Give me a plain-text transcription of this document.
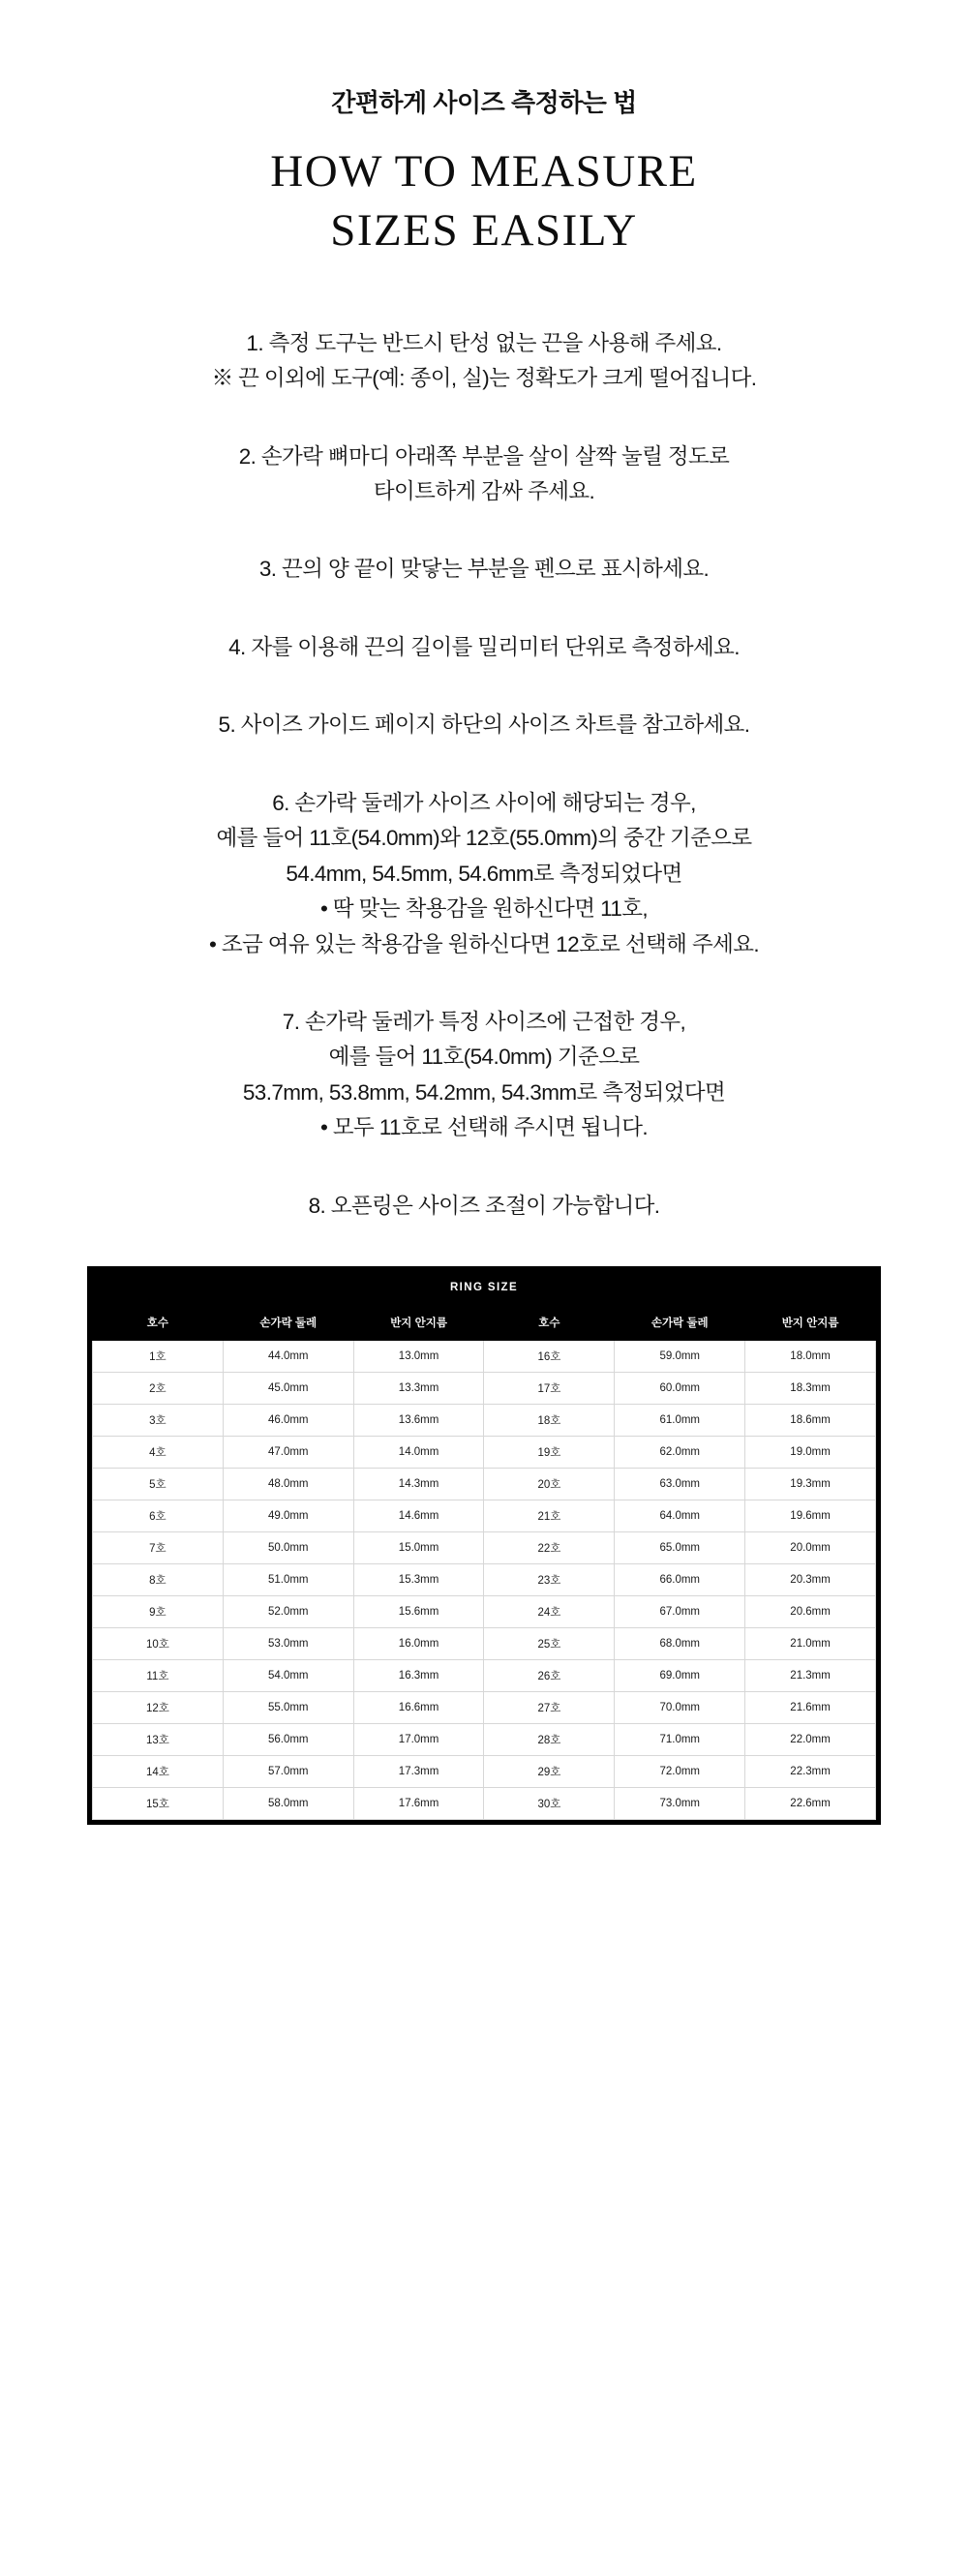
간편하게 사이즈 측정하는 법
HOW TO MEASURE
SIZES EASILY

1. 측정 도구는 반드시 탄성 없는 끈을 사용해 주세요.
※ 끈 이외에 도구(예: 종이, 실)는 정확도가 크게 떨어집니다.

2. 손가락 뼈마디 아래쪽 부분을 살이 살짝 눌릴 정도로
타이트하게 감싸 주세요.

3. 끈의 양 끝이 맞닿는 부분을 펜으로 표시하세요.

4. 자를 이용해 끈의 길이를 밀리미터 단위로 측정하세요.

5. 사이즈 가이드 페이지 하단의 사이즈 차트를 참고하세요.

6. 손가락 둘레가 사이즈 사이에 해당되는 경우,
예를 들어 11호(54.0mm)와 12호(55.0mm)의 중간 기준으로
54.4mm, 54.5mm, 54.6mm로 측정되었다면
• 딱 맞는 착용감을 원하신다면 11호,
• 조금 여유 있는 착용감을 원하신다면 12호로 선택해 주세요.

7. 손가락 둘레가 특정 사이즈에 근접한 경우,
예를 들어 11호(54.0mm) 기준으로
53.7mm, 53.8mm, 54.2mm, 54.3mm로 측정되었다면
• 모두 11호로 선택해 주시면 됩니다.

8. 오픈링은 사이즈 조절이 가능합니다.

RING SIZE
호수	손가락 둘레	반지 안지름	호수	손가락 둘레	반지 안지름
1호	44.0mm	13.0mm	16호	59.0mm	18.0mm
2호	45.0mm	13.3mm	17호	60.0mm	18.3mm
3호	46.0mm	13.6mm	18호	61.0mm	18.6mm
4호	47.0mm	14.0mm	19호	62.0mm	19.0mm
5호	48.0mm	14.3mm	20호	63.0mm	19.3mm
6호	49.0mm	14.6mm	21호	64.0mm	19.6mm
7호	50.0mm	15.0mm	22호	65.0mm	20.0mm
8호	51.0mm	15.3mm	23호	66.0mm	20.3mm
9호	52.0mm	15.6mm	24호	67.0mm	20.6mm
10호	53.0mm	16.0mm	25호	68.0mm	21.0mm
11호	54.0mm	16.3mm	26호	69.0mm	21.3mm
12호	55.0mm	16.6mm	27호	70.0mm	21.6mm
13호	56.0mm	17.0mm	28호	71.0mm	22.0mm
14호	57.0mm	17.3mm	29호	72.0mm	22.3mm
15호	58.0mm	17.6mm	30호	73.0mm	22.6mm
